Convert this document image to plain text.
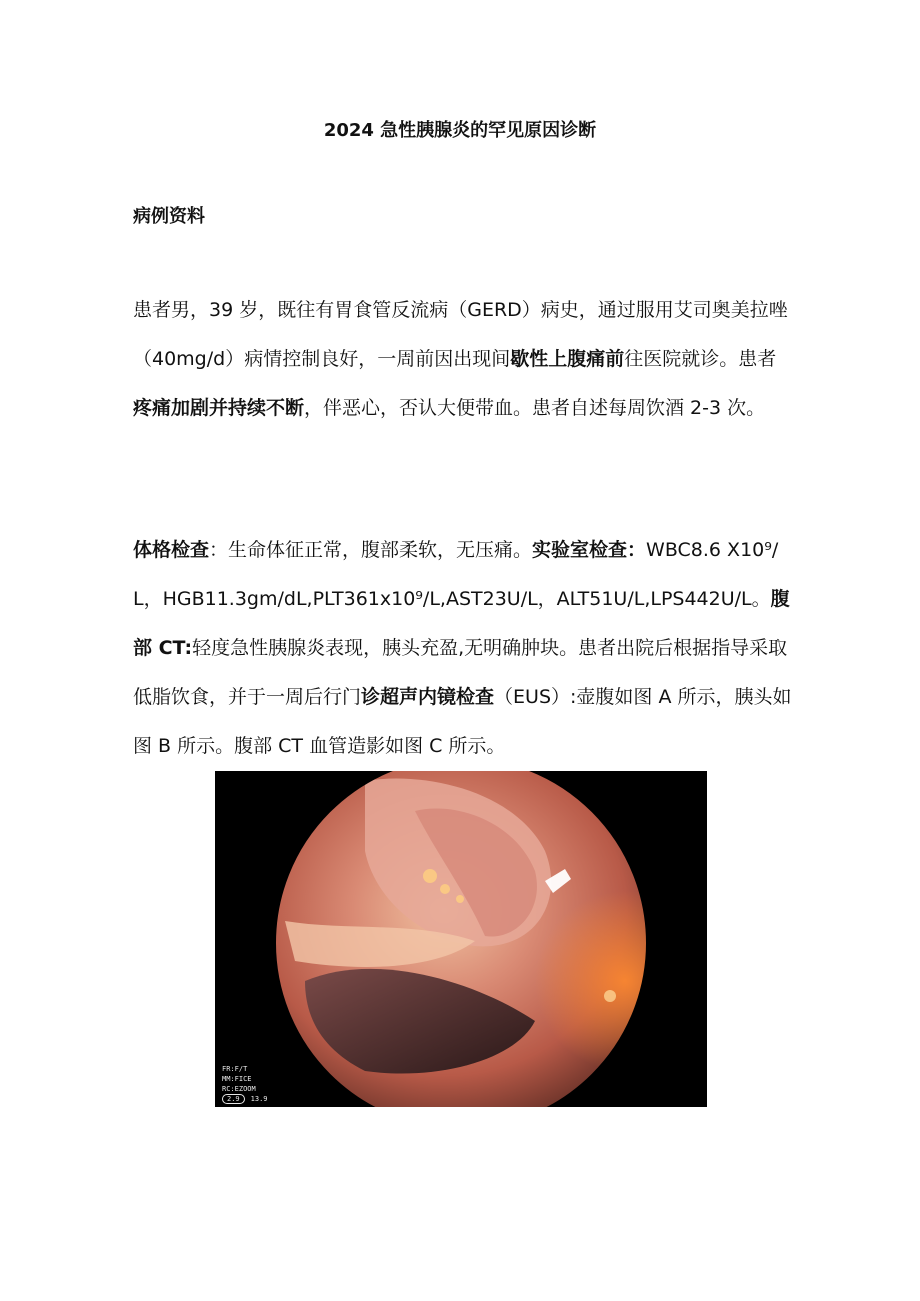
2024 急性胰腺炎的罕见原因诊断
病例资料

患者男，39 岁，既往有胃食管反流病（GERD）病史，通过服用艾司奥美拉唑（40mg/d）病情控制良好，一周前因出现间歇性上腹痛前往医院就诊。患者疼痛加剧并持续不断，伴恶心，否认大便带血。患者自述每周饮酒 2-3 次。

体格检查：生命体征正常，腹部柔软，无压痛。实验室检查：WBC8.6 X10⁹/L，HGB11.3gm/dL,PLT361x10⁹/L,AST23U/L，ALT51U/L,LPS442U/L。腹部 CT:轻度急性胰腺炎表现，胰头充盈,无明确肿块。患者出院后根据指导采取低脂饮食，并于一周后行门诊超声内镜检查（EUS）:壶腹如图 A 所示，胰头如图 B 所示。腹部 CT 血管造影如图 C 所示。

FR:F/T
MM:FICE
RC:EZOOM
2.9	13.9
